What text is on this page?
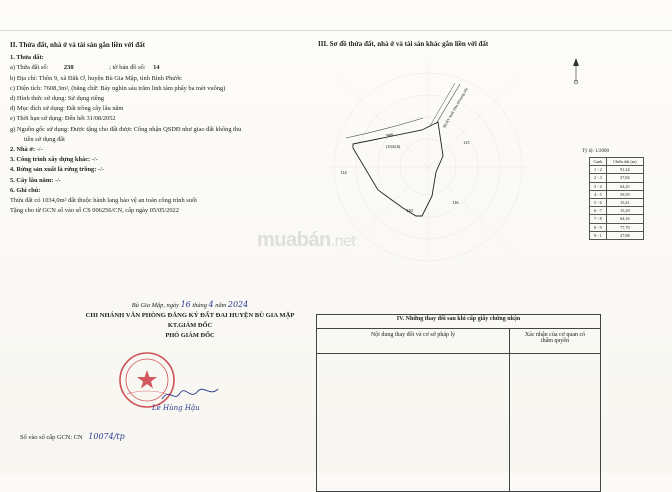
II. Thửa đất, nhà ở và tài sản gắn liền với đất
1. Thửa đất:
a) Thửa đất số: 238	; tờ bản đồ số: 14
b) Địa chỉ: Thôn 9, xã Đăk Ơ, huyện Bù Gia Mập, tỉnh Bình Phước
c) Diện tích: 7608,3m², (bằng chữ: Bảy nghìn sáu trăm linh tám phẩy ba mét vuông)
d) Hình thức sử dụng: Sử dụng riêng
đ) Mục đích sử dụng: Đất trồng cây lâu năm
e) Thời hạn sử dụng: Đến hết 31/08/2052
g) Nguồn gốc sử dụng: Được tặng cho đất được Công nhận QSDĐ như giao đất không thu
tiền sử dụng đất
2. Nhà ở: -/-
3. Công trình xây dựng khác: -/-
4. Rừng sản xuất là rừng trồng: -/-
5. Cây lâu năm: -/-
6. Ghi chú:
Thửa đất có 1034,0m² đất thuộc hành lang bảo vệ an toàn công trình suối
Tặng cho từ GCN số vào sổ CS 006256/CN, cấp ngày 05/05/2022
III. Sơ đồ thửa đất, nhà ở và tài sản khác gắn liền với đất
suối
(1034,0)
ĐLHV Suối 10m từ trung câu
115
114
116
120
Tỷ lệ: 1/2000
Cạnh	Chiều dài (m)
1 - 2	91,24
2 - 3	37,84
3 - 4	64,25
4 - 5	59,59
5 - 6	15,41
6 - 7	15,29
7 - 8	64,16
8 - 9	77,79
9 - 1	27,88
muabán.net
Bù Gia Mập, ngày 16 tháng 4 năm 2024
CHI NHÁNH VĂN PHÒNG ĐĂNG KÝ ĐẤT ĐAI HUYỆN BÙ GIA MẬP
KT.GIÁM ĐỐC
PHÓ GIÁM ĐỐC
Lê Hùng Hậu
Số vào sổ cấp GCN: CN 10074/tp
IV. Những thay đổi sau khi cấp giấy chứng nhận	
Nội dung thay đổi và cơ sở pháp lý	Xác nhận của cơ quan có
thẩm quyền
